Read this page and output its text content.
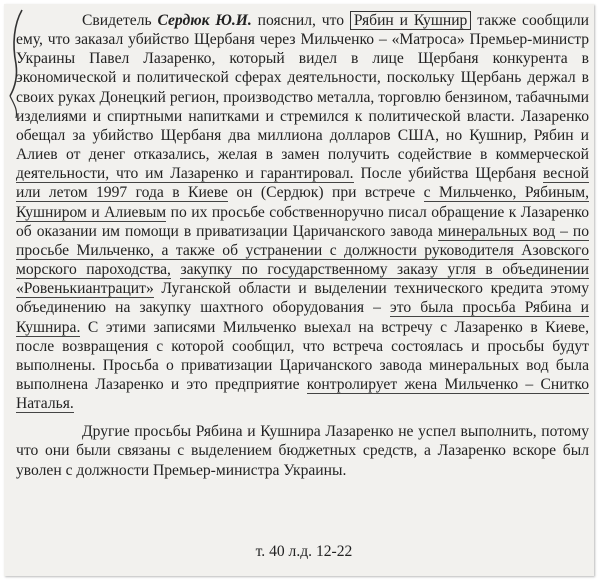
Свидетель Сердюк Ю.И. пояснил, что Рябин и Кушнир также сообщили ему, что заказал убийство Щербаня через Мильченко – «Матроса» Премьер-министр Украины Павел Лазаренко, который видел в лице Щербаня конкурента в экономической и политической сферах деятельности, поскольку Щербань держал в своих руках Донецкий регион, производство металла, торговлю бензином, табачными изделиями и спиртными напитками и стремился к политической власти. Лазаренко обещал за убийство Щербаня два миллиона долларов США, но Кушнир, Рябин и Алиев от денег отказались, желая в замен получить содействие в коммерческой деятельности, что им Лазаренко и гарантировал. После убийства Щербаня весной или летом 1997 года в Киеве он (Сердюк) при встрече с Мильченко, Рябиным, Кушниром и Алиевым по их просьбе собственноручно писал обращение к Лазаренко об оказании им помощи в приватизации Царичанского завода минеральных вод – по просьбе Мильченко, а также об устранении с должности руководителя Азовского морского пароходства, закупку по государственному заказу угля в объединении «Ровенькиантрацит» Луганской области и выделении технического кредита этому объединению на закупку шахтного оборудования – это была просьба Рябина и Кушнира. С этими записями Мильченко выехал на встречу с Лазаренко в Киеве, после возвращения с которой сообщил, что встреча состоялась и просьбы будут выполнены. Просьба о приватизации Царичанского завода минеральных вод была выполнена Лазаренко и это предприятие контролирует жена Мильченко – Снитко Наталья.

Другие просьбы Рябина и Кушнира Лазаренко не успел выполнить, потому что они были связаны с выделением бюджетных средств, а Лазаренко вскоре был уволен с должности Премьер-министра Украины.

т. 40 л.д. 12-22
